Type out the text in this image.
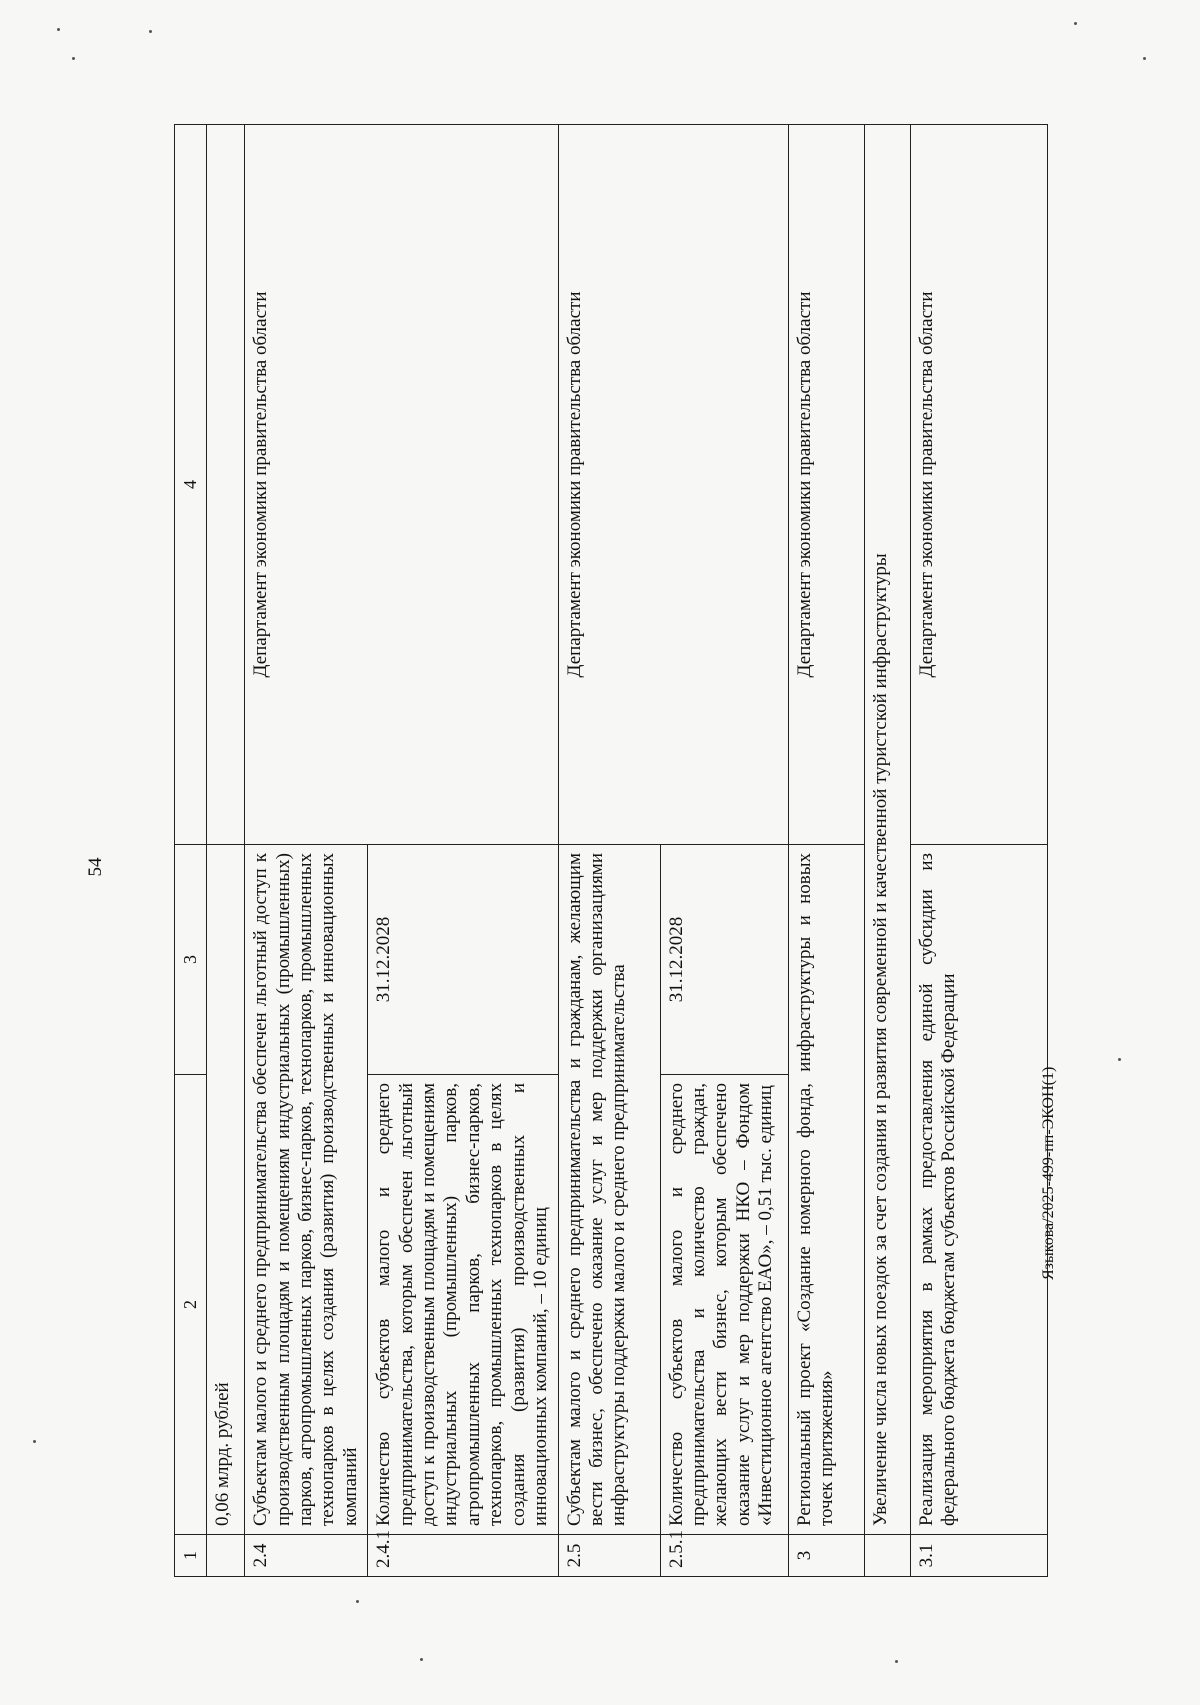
54
1	2	3	4
	0,06 млрд. рублей		
2.4	Субъектам малого и среднего предпринимательства обеспечен льготный доступ к производственным площадям и помещениям индустриальных (промышленных) парков, агропромышленных парков, бизнес-парков, технопарков, промышленных технопарков в целях создания (развития) производственных и инновационных компаний		Департамент экономики правительства области
2.4.1	Количество субъектов малого и среднего предпринимательства, которым обеспечен льготный доступ к производственным площадям и помещениям индустриальных (промышленных) парков, агропромышленных парков, бизнес-парков, технопарков, промышленных технопарков в целях создания (развития) производственных и инновационных компаний, – 10 единиц	31.12.2028	
2.5	Субъектам малого и среднего предпринимательства и гражданам, желающим вести бизнес, обеспечено оказание услуг и мер поддержки организациями инфраструктуры поддержки малого и среднего предпринимательства		Департамент экономики правительства области
2.5.1	Количество субъектов малого и среднего предпринимательства и количество граждан, желающих вести бизнес, которым обеспечено оказание услуг и мер поддержки НКО – Фондом «Инвестиционное агентство ЕАО», – 0,51 тыс. единиц	31.12.2028	
3	Региональный проект «Создание номерного фонда, инфраструктуры и новых точек притяжения»		Департамент экономики правительства области
	Увеличение числа новых поездок за счет создания и развития современной и качественной туристской инфраструктуры		
3.1	Реализация мероприятия в рамках предоставления единой субсидии из федерального бюджета бюджетам субъектов Российской Федерации		Департамент экономики правительства области
Языкова/2025-499-пп-ЭКОН(1)
